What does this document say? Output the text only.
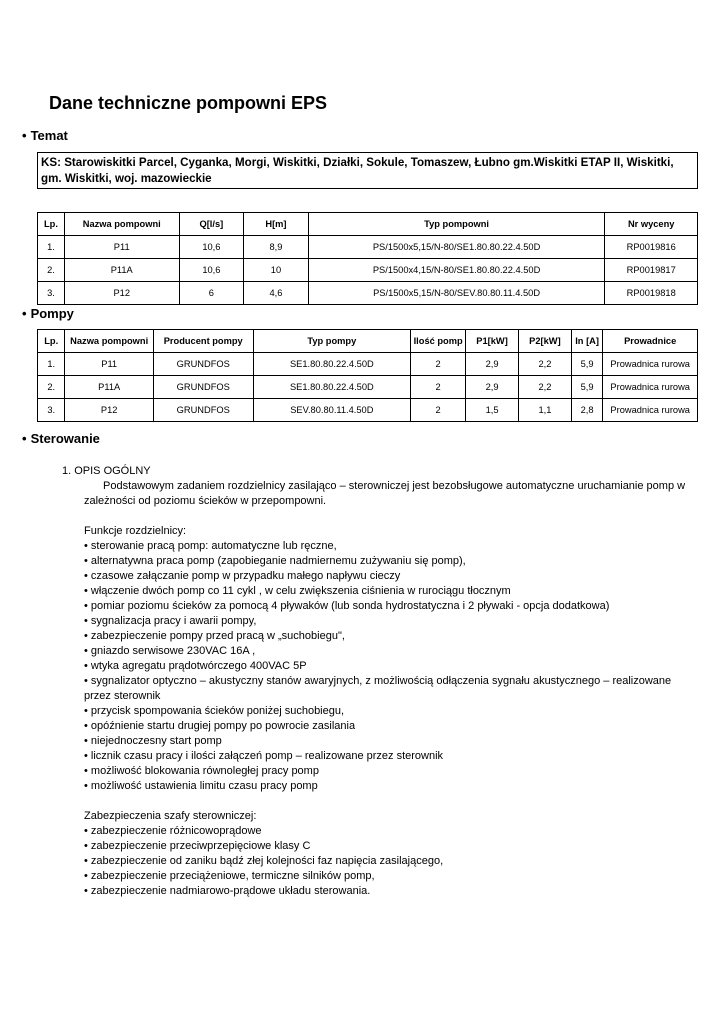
Dane techniczne pompowni EPS
• Temat
KS: Starowiskitki Parcel, Cyganka, Morgi, Wiskitki, Działki, Sokule, Tomaszew, Łubno gm.Wiskitki ETAP II, Wiskitki, gm. Wiskitki, woj. mazowieckie
Lp.	Nazwa pompowni	Q[l/s]	H[m]	Typ pompowni	Nr wyceny
1.	P11	10,6	8,9	PS/1500x5,15/N-80/SE1.80.80.22.4.50D	RP0019816
2.	P11A	10,6	10	PS/1500x4,15/N-80/SE1.80.80.22.4.50D	RP0019817
3.	P12	6	4,6	PS/1500x5,15/N-80/SEV.80.80.11.4.50D	RP0019818
• Pompy
Lp.	Nazwa pompowni	Producent pompy	Typ pompy	Ilość pomp	P1[kW]	P2[kW]	In [A]	Prowadnice
1.	P11	GRUNDFOS	SE1.80.80.22.4.50D	2	2,9	2,2	5,9	Prowadnica rurowa
2.	P11A	GRUNDFOS	SE1.80.80.22.4.50D	2	2,9	2,2	5,9	Prowadnica rurowa
3.	P12	GRUNDFOS	SEV.80.80.11.4.50D	2	1,5	1,1	2,8	Prowadnica rurowa
• Sterowanie

1. OPIS OGÓLNY

Podstawowym zadaniem rozdzielnicy zasilająco – sterowniczej jest bezobsługowe automatyczne uruchamianie pomp w zależności od poziomu ścieków w przepompowni.

Funkcje rozdzielnicy:

• sterowanie pracą pomp: automatyczne lub ręczne,

• alternatywna praca pomp (zapobieganie nadmiernemu zużywaniu się pomp),

• czasowe załączanie pomp w przypadku małego napływu cieczy

• włączenie dwóch pomp co 11 cykl , w celu zwiększenia ciśnienia w rurociągu tłocznym

• pomiar poziomu ścieków za pomocą 4 pływaków (lub sonda hydrostatyczna i 2 pływaki - opcja dodatkowa)

• sygnalizacja pracy i awarii pompy,

• zabezpieczenie pompy przed pracą w „suchobiegu",

• gniazdo serwisowe 230VAC 16A ,

• wtyka agregatu prądotwórczego 400VAC 5P

• sygnalizator optyczno – akustyczny stanów awaryjnych, z możliwością odłączenia sygnału akustycznego – realizowane przez sterownik

• przycisk spompowania ścieków poniżej suchobiegu,

• opóźnienie startu drugiej pompy po powrocie zasilania

• niejednoczesny start pomp

• licznik czasu pracy i ilości załączeń pomp – realizowane przez sterownik

• możliwość blokowania równoległej pracy pomp

• możliwość ustawienia limitu czasu pracy pomp

Zabezpieczenia szafy sterowniczej:

• zabezpieczenie różnicowoprądowe

• zabezpieczenie przeciwprzepięciowe klasy C

• zabezpieczenie od zaniku bądź złej kolejności faz napięcia zasilającego,

• zabezpieczenie przeciążeniowe, termiczne silników pomp,

• zabezpieczenie nadmiarowo-prądowe układu sterowania.
